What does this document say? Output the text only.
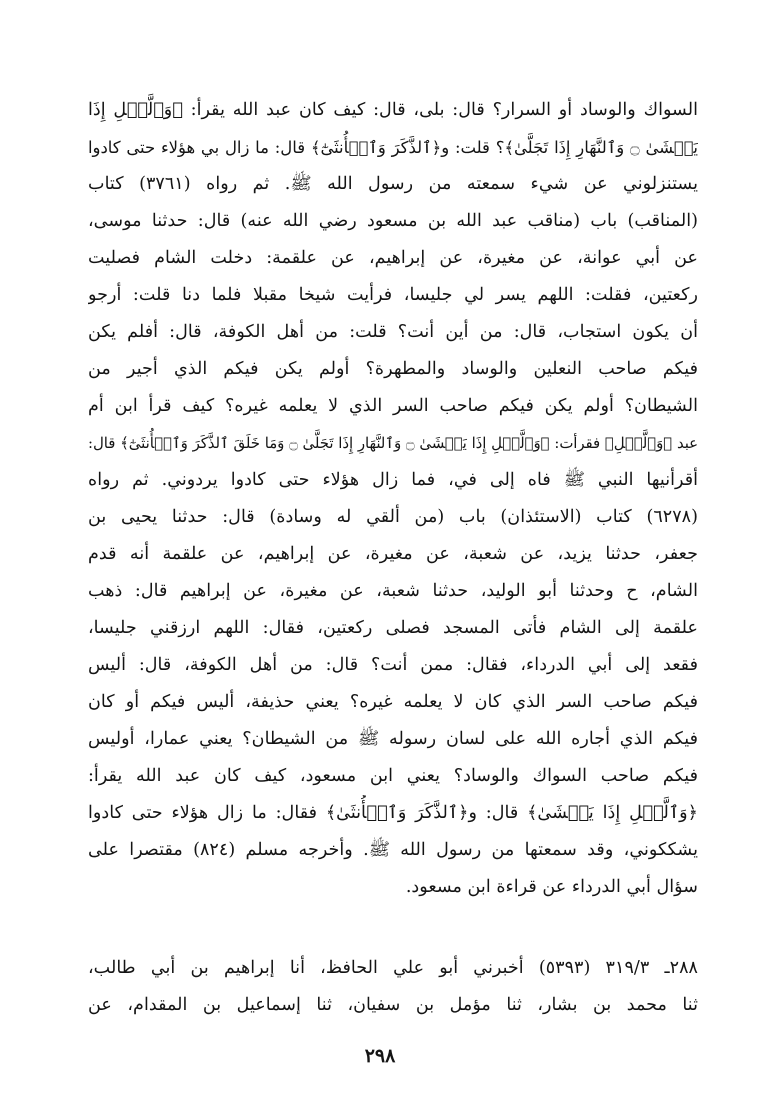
السواك والوساد أو السرار؟ قال: بلى، قال: كيف كان عبد الله يقرأ: ﴿وَٱلَّيۡلِ إِذَا
يَغۡشَىٰ ۝ وَٱلنَّهَارِ إِذَا تَجَلَّىٰ﴾؟ قلت: و﴿ٱلذَّكَرَ وَٱلۡأُنثَىٰٓ﴾ قال: ما زال بي هؤلاء حتى كادوا
يستنزلوني عن شيء سمعته من رسول الله ﷺ. ثم رواه (٣٧٦١) كتاب
(المناقب) باب (مناقب عبد الله بن مسعود رضي الله عنه) قال: حدثنا موسى،
عن أبي عوانة، عن مغيرة، عن إبراهيم، عن علقمة: دخلت الشام فصليت
ركعتين، فقلت: اللهم يسر لي جليسا، فرأيت شيخا مقبلا فلما دنا قلت: أرجو
أن يكون استجاب، قال: من أين أنت؟ قلت: من أهل الكوفة، قال: أفلم يكن
فيكم صاحب النعلين والوساد والمطهرة؟ أولم يكن فيكم الذي أجير من
الشيطان؟ أولم يكن فيكم صاحب السر الذي لا يعلمه غيره؟ كيف قرأ ابن أم
عبد ﴿وَٱلَّيۡلِ﴾ فقرأت: ﴿وَٱلَّيۡلِ إِذَا يَغۡشَىٰ ۝ وَٱلنَّهَارِ إِذَا تَجَلَّىٰ ۝ وَمَا خَلَقَ ٱلذَّكَرَ وَٱلۡأُنثَىٰٓ﴾ قال:
أقرأنيها النبي ﷺ فاه إلى في، فما زال هؤلاء حتى كادوا يردوني. ثم رواه
(٦٢٧٨) كتاب (الاستئذان) باب (من ألقي له وسادة) قال: حدثنا يحيى بن
جعفر، حدثنا يزيد، عن شعبة، عن مغيرة، عن إبراهيم، عن علقمة أنه قدم
الشام، ح وحدثنا أبو الوليد، حدثنا شعبة، عن مغيرة، عن إبراهيم قال: ذهب
علقمة إلى الشام فأتى المسجد فصلى ركعتين، فقال: اللهم ارزقني جليسا،
فقعد إلى أبي الدرداء، فقال: ممن أنت؟ قال: من أهل الكوفة، قال: أليس
فيكم صاحب السر الذي كان لا يعلمه غيره؟ يعني حذيفة، أليس فيكم أو كان
فيكم الذي أجاره الله على لسان رسوله ﷺ من الشيطان؟ يعني عمارا، أوليس
فيكم صاحب السواك والوساد؟ يعني ابن مسعود، كيف كان عبد الله يقرأ:
﴿وَٱلَّيۡلِ إِذَا يَغۡشَىٰ﴾ قال: و﴿ٱلذَّكَرَ وَٱلۡأُنثَىٰ﴾ فقال: ما زال هؤلاء حتى كادوا
يشككوني، وقد سمعتها من رسول الله ﷺ. وأخرجه مسلم (٨٢٤) مقتصرا على
سؤال أبي الدرداء عن قراءة ابن مسعود.
٢٨٨ـ ٣١٩/٣ (٥٣٩٣) أخبرني أبو علي الحافظ، أنا إبراهيم بن أبي طالب،
ثنا محمد بن بشار، ثنا مؤمل بن سفيان، ثنا إسماعيل بن المقدام، عن
٢٩٨
